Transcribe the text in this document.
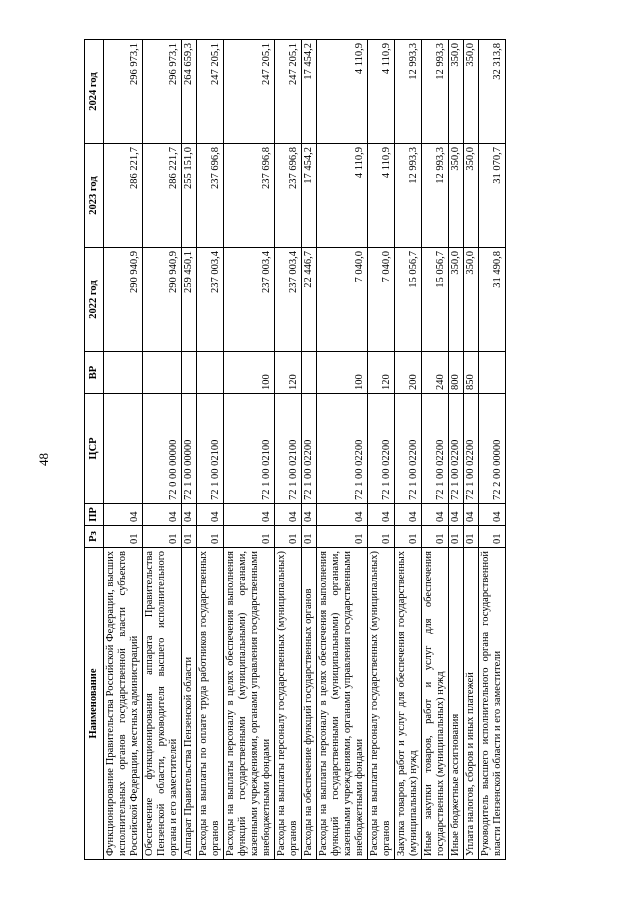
48
Наименование	Рз	ПР	ЦСР	ВР	2022 год	2023 год	2024 год
Функционирование Правительства Российской Федерации, высших исполнительных органов государственной власти субъектов Российской Федерации, местных администраций	01	04			290 940,9	286 221,7	296 973,1
Обеспечение функционирования аппарата Правительства Пензенской области, руководителя высшего исполнительного органа и его заместителей	01	04	72 0 00 00000		290 940,9	286 221,7	296 973,1
Аппарат Правительства Пензенской области	01	04	72 1 00 00000		259 450,1	255 151,0	264 659,3
Расходы на выплаты по оплате труда работников государственных органов	01	04	72 1 00 02100		237 003,4	237 696,8	247 205,1
Расходы на выплаты персоналу в целях обеспечения выполнения функций государственными (муниципальными) органами, казенными учреждениями, органами управления государственными внебюджетными фондами	01	04	72 1 00 02100	100	237 003,4	237 696,8	247 205,1
Расходы на выплаты персоналу государственных (муниципальных) органов	01	04	72 1 00 02100	120	237 003,4	237 696,8	247 205,1
Расходы на обеспечение функций государственных органов	01	04	72 1 00 02200		22 446,7	17 454,2	17 454,2
Расходы на выплаты персоналу в целях обеспечения выполнения функций государственными (муниципальными) органами, казенными учреждениями, органами управления государственными внебюджетными фондами	01	04	72 1 00 02200	100	7 040,0	4 110,9	4 110,9
Расходы на выплаты персоналу государственных (муниципальных) органов	01	04	72 1 00 02200	120	7 040,0	4 110,9	4 110,9
Закупка товаров, работ и услуг для обеспечения государственных (муниципальных) нужд	01	04	72 1 00 02200	200	15 056,7	12 993,3	12 993,3
Иные закупки товаров, работ и услуг для обеспечения государственных (муниципальных) нужд	01	04	72 1 00 02200	240	15 056,7	12 993,3	12 993,3
Иные бюджетные ассигнования	01	04	72 1 00 02200	800	350,0	350,0	350,0
Уплата налогов, сборов и иных платежей	01	04	72 1 00 02200	850	350,0	350,0	350,0
Руководитель высшего исполнительного органа государственной власти Пензенской области и его заместители	01	04	72 2 00 00000		31 490,8	31 070,7	32 313,8
